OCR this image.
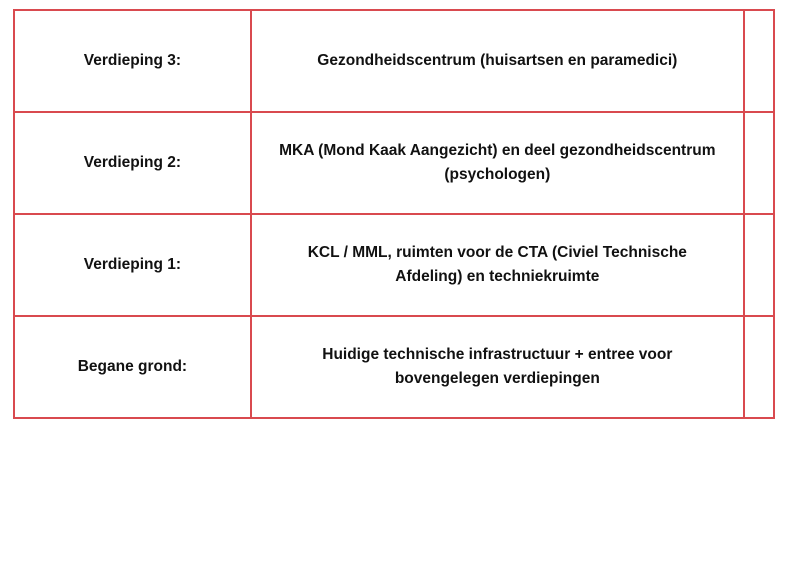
Verdieping 3:	Gezondheidscentrum (huisartsen en paramedici)	
Verdieping 2:	MKA (Mond Kaak Aangezicht) en deel gezondheidscentrum (psychologen)	
Verdieping 1:	KCL / MML, ruimten voor de CTA (Civiel Technische Afdeling) en techniekruimte	
Begane grond:	Huidige technische infrastructuur + entree voor bovengelegen verdiepingen	
